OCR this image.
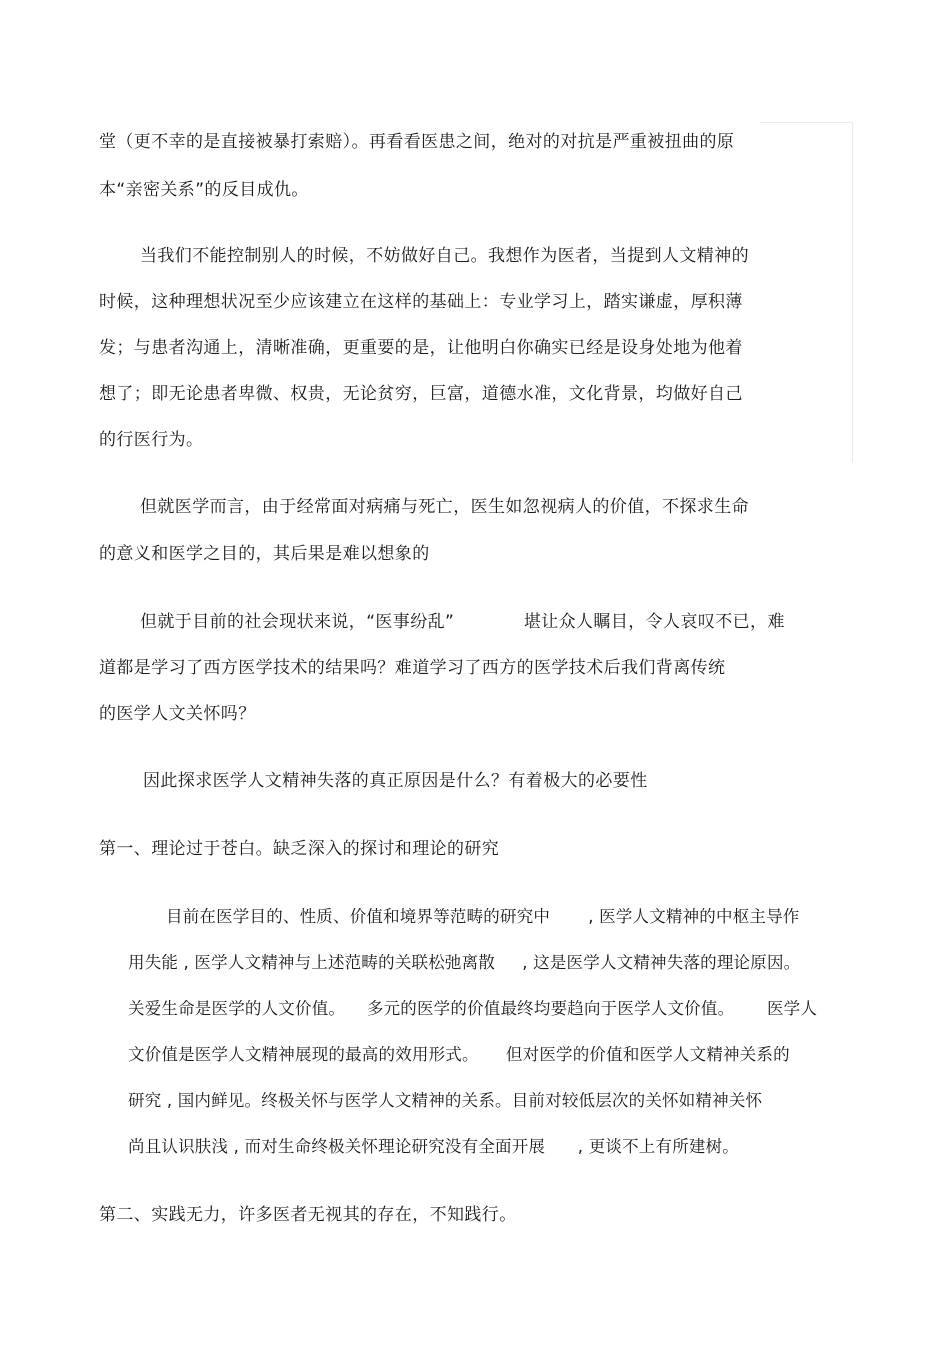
堂（更不幸的是直接被暴打索赔）。再看看医患之间，绝对的对抗是严重被扭曲的原
本“亲密关系”的反目成仇。
当我们不能控制别人的时候，不妨做好自己。我想作为医者，当提到人文精神的
时候，这种理想状况至少应该建立在这样的基础上：专业学习上，踏实谦虚，厚积薄
发；与患者沟通上，清晰准确，更重要的是，让他明白你确实已经是设身处地为他着
想了；即无论患者卑微、权贵，无论贫穷，巨富，道德水准，文化背景，均做好自己
的行医行为。
但就医学而言，由于经常面对病痛与死亡，医生如忽视病人的价值，不探求生命
的意义和医学之目的，其后果是难以想象的
但就于目前的社会现状来说，“医事纷乱”            堪让众人瞩目，令人哀叹不已，难
道都是学习了西方医学技术的结果吗？难道学习了西方的医学技术后我们背离传统
的医学人文关怀吗？
因此探求医学人文精神失落的真正原因是什么？有着极大的必要性
第一、理论过于苍白。缺乏深入的探讨和理论的研究
目前在医学目的、性质、价值和境界等范畴的研究中       , 医学人文精神的中枢主导作
用失能 , 医学人文精神与上述范畴的关联松弛离散     , 这是医学人文精神失落的理论原因。
关爱生命是医学的人文价值。    多元的医学的价值最终均要趋向于医学人文价值。      医学人
文价值是医学人文精神展现的最高的效用形式。     但对医学的价值和医学人文精神关系的
研究 , 国内鲜见。终极关怀与医学人文精神的关系。目前对较低层次的关怀如精神关怀
尚且认识肤浅 , 而对生命终极关怀理论研究没有全面开展      , 更谈不上有所建树。
第二、实践无力，许多医者无视其的存在，不知践行。
